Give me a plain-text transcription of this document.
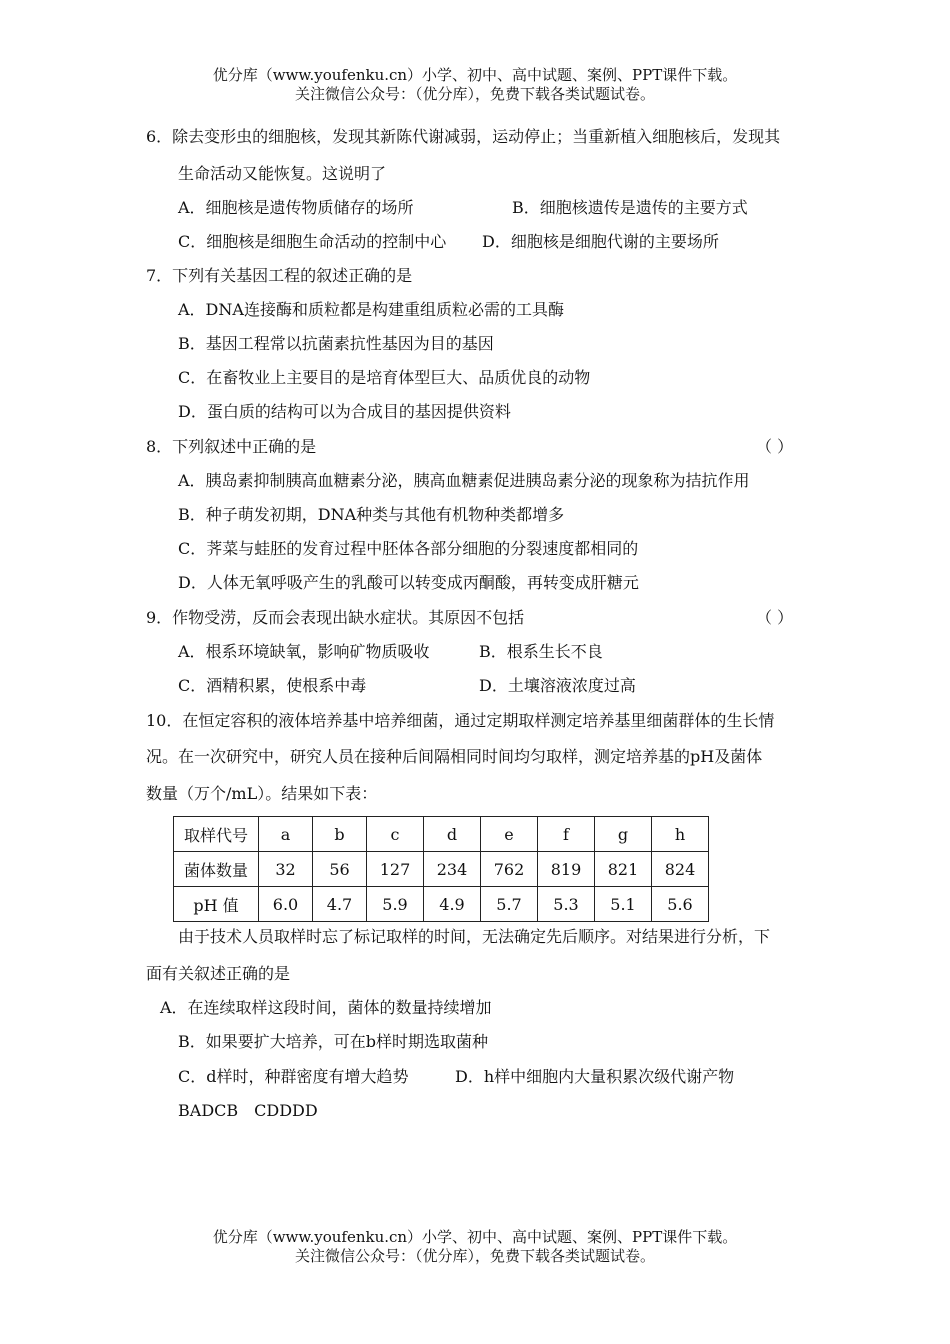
优分库（www.youfenku.cn）小学、初中、高中试题、案例、PPT课件下载。
关注微信公众号：（优分库），免费下载各类试题试卷。
6．除去变形虫的细胞核，发现其新陈代谢减弱，运动停止；当重新植入细胞核后，发现其
生命活动又能恢复。这说明了
A．细胞核是遗传物质储存的场所	B．细胞核遗传是遗传的主要方式
C．细胞核是细胞生命活动的控制中心 D．细胞核是细胞代谢的主要场所
7．下列有关基因工程的叙述正确的是
A．DNA连接酶和质粒都是构建重组质粒必需的工具酶
B．基因工程常以抗菌素抗性基因为目的基因
C．在畜牧业上主要目的是培育体型巨大、品质优良的动物
D．蛋白质的结构可以为合成目的基因提供资料
8．下列叙述中正确的是	（ ）
A．胰岛素抑制胰高血糖素分泌，胰高血糖素促进胰岛素分泌的现象称为拮抗作用
B．种子萌发初期，DNA种类与其他有机物种类都增多
C．荠菜与蛙胚的发育过程中胚体各部分细胞的分裂速度都相同的
D．人体无氧呼吸产生的乳酸可以转变成丙酮酸，再转变成肝糖元
9．作物受涝，反而会表现出缺水症状。其原因不包括	（ ）
A．根系环境缺氧，影响矿物质吸收	B．根系生长不良
C．酒精积累，使根系中毒	D．土壤溶液浓度过高
10．在恒定容积的液体培养基中培养细菌，通过定期取样测定培养基里细菌群体的生长情
况。在一次研究中，研究人员在接种后间隔相同时间均匀取样，测定培养基的pH及菌体
数量（万个/mL）。结果如下表：
取样代号	a	b	c	d	e	f	g	h
菌体数量	32	56	127	234	762	819	821	824
pH 值	6.0	4.7	5.9	4.9	5.7	5.3	5.1	5.6
由于技术人员取样时忘了标记取样的时间，无法确定先后顺序。对结果进行分析，下
面有关叙述正确的是
A．在连续取样这段时间，菌体的数量持续增加
B．如果要扩大培养，可在b样时期选取菌种
C．d样时，种群密度有增大趋势	D．h样中细胞内大量积累次级代谢产物
BADCB　CDDDD
优分库（www.youfenku.cn）小学、初中、高中试题、案例、PPT课件下载。
关注微信公众号：（优分库），免费下载各类试题试卷。
